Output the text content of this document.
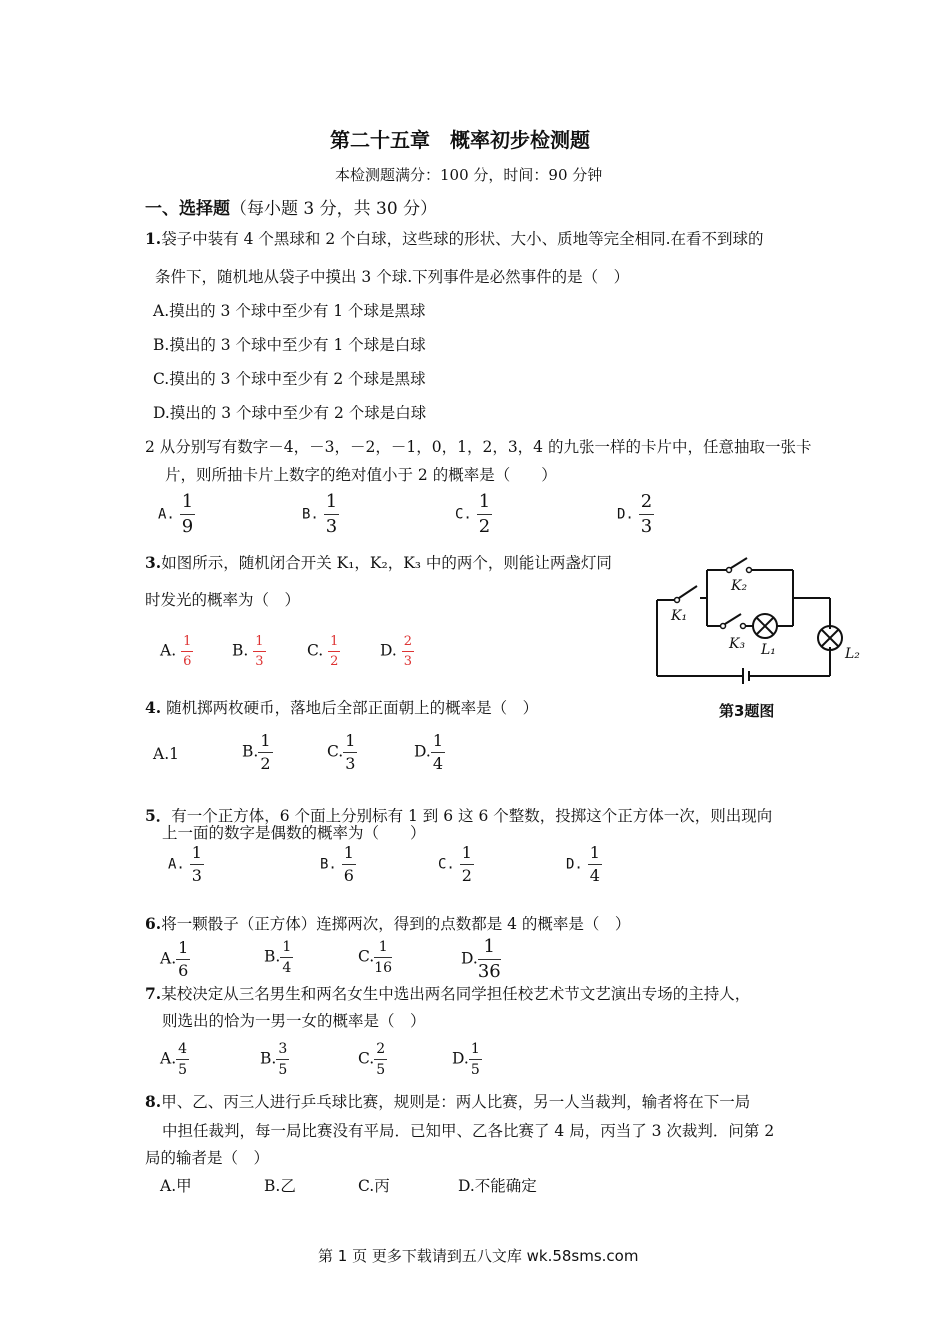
第二十五章　概率初步检测题
本检测题满分：100 分，时间：90 分钟
一、选择题（每小题 3 分，共 30 分）
1.袋子中装有 4 个黑球和 2 个白球，这些球的形状、大小、质地等完全相同.在看不到球的
条件下，随机地从袋子中摸出 3 个球.下列事件是必然事件的是（　）
A.摸出的 3 个球中至少有 1 个球是黑球
B.摸出的 3 个球中至少有 1 个球是白球
C.摸出的 3 个球中至少有 2 个球是黑球
D.摸出的 3 个球中至少有 2 个球是白球
2 从分别写有数字－4，－3，－2，－1，0，1，2，3，4 的九张一样的卡片中，任意抽取一张卡
片，则所抽卡片上数字的绝对值小于 2 的概率是（　　）
A. $\frac{1}{9}$	B. $\frac{1}{3}$	C. $\frac{1}{2}$	D. $\frac{2}{3}$
3.如图所示，随机闭合开关 K₁，K₂，K₃ 中的两个，则能让两盏灯同
时发光的概率为（　）
A. $\frac{1}{6} B$. $\frac{1}{3}$	C. $\frac{1}{2}$	D. $\frac{2}{3}$
K₁
K₂
K₃ L₁	L₂
第3题图
4. 随机掷两枚硬币，落地后全部正面朝上的概率是（　）
A.1	B. $\frac{1}{2}$	C. $\frac{1}{3}$	D. $\frac{1}{4}$
5．有一个正方体，6 个面上分别标有 1 到 6 这 6 个整数，投掷这个正方体一次，则出现向
上一面的数字是偶数的概率为（　　）
A. $\frac{1}{3}$	B. $\frac{1}{6}$	C. $\frac{1}{2}$	D. $\frac{1}{4}$
6.将一颗骰子（正方体）连掷两次，得到的点数都是 4 的概率是（　）
A. $\frac{1}{6}$	B. $\frac{1}{4}$	C. $\frac{1}{16}$	D. $\frac{1}{36}$
7.某校决定从三名男生和两名女生中选出两名同学担任校艺术节文艺演出专场的主持人，
则选出的恰为一男一女的概率是（　）
A. $\frac{4}{5}$	B. $\frac{3}{5}$	C. $\frac{2}{5}$	D. $\frac{1}{5}$
8.甲、乙、丙三人进行乒乓球比赛，规则是：两人比赛，另一人当裁判，输者将在下一局
中担任裁判，每一局比赛没有平局．已知甲、乙各比赛了 4 局，丙当了 3 次裁判．问第 2
局的输者是（　）
A.甲	B.乙	C.丙	D.不能确定
第 1 页 更多下载请到五八文库 wk.58sms.com
